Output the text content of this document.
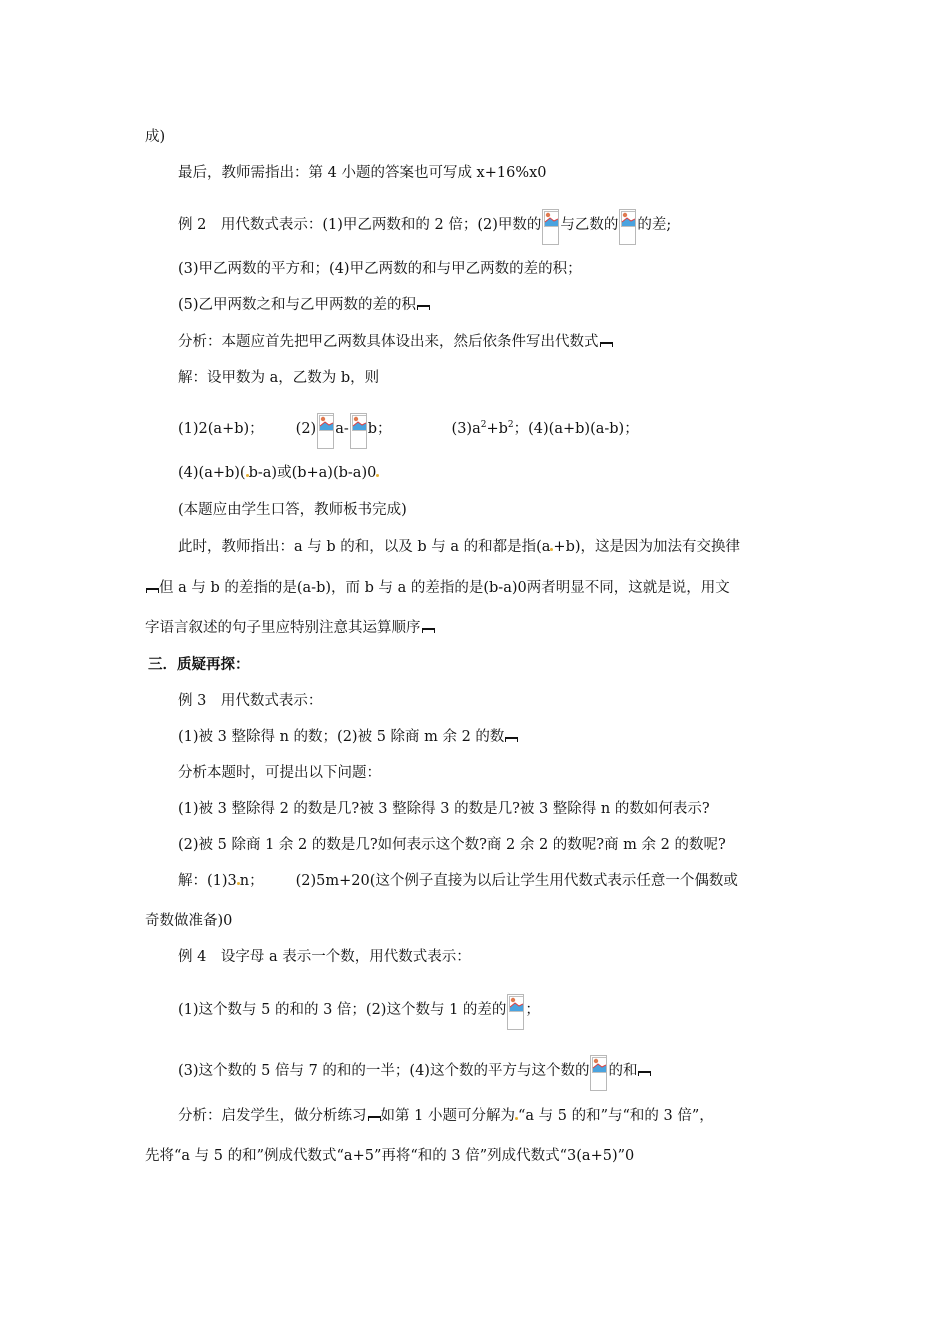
成)
最后，教师需指出：第 4 小题的答案也可写成 x+16%x0
例 2　用代数式表示：(1)甲乙两数和的 2 倍；(2)甲数的 与乙数的 的差;
(3)甲乙两数的平方和；(4)甲乙两数的和与甲乙两数的差的积；
(5)乙甲两数之和与乙甲两数的差的积
分析：本题应首先把甲乙两数具体设出来，然后依条件写出代数式
解：设甲数为 a，乙数为 b，则
(1)2(a+b)； (2) a- b；	$(3)a^2+b^2$；(4)(a+b)(a-b)；
(4)(a+b)( b-a)或(b+a)(b-a)0
(本题应由学生口答，教师板书完成)
此时，教师指出：a 与 b 的和，以及 b 与 a 的和都是指(a +b)，这是因为加法有交换律
但 a 与 b 的差指的是(a-b)，而 b 与 a 的差指的是(b-a)0两者明显不同，这就是说，用文
字语言叙述的句子里应特别注意其运算顺序
三．质疑再探：
例 3　用代数式表示：
(1)被 3 整除得 n 的数；(2)被 5 除商 m 余 2 的数
分析本题时，可提出以下问题：
(1)被 3 整除得 2 的数是几?被 3 整除得 3 的数是几?被 3 整除得 n 的数如何表示?
(2)被 5 除商 1 余 2 的数是几?如何表示这个数?商 2 余 2 的数呢?商 m 余 2 的数呢?
解：(1)3 n； (2)5m+20(这个例子直接为以后让学生用代数式表示任意一个偶数或
奇数做准备)0
例 4　设字母 a 表示一个数，用代数式表示：
(1)这个数与 5 的和的 3 倍；(2)这个数与 1 的差的 ；
(3)这个数的 5 倍与 7 的和的一半；(4)这个数的平方与这个数的 的和
分析：启发学生，做分析练习 如第 1 小题可分解为 “a 与 5 的和”与“和的 3 倍”，
先将“a 与 5 的和”例成代数式“a+5”再将“和的 3 倍”列成代数式“3(a+5)”0
